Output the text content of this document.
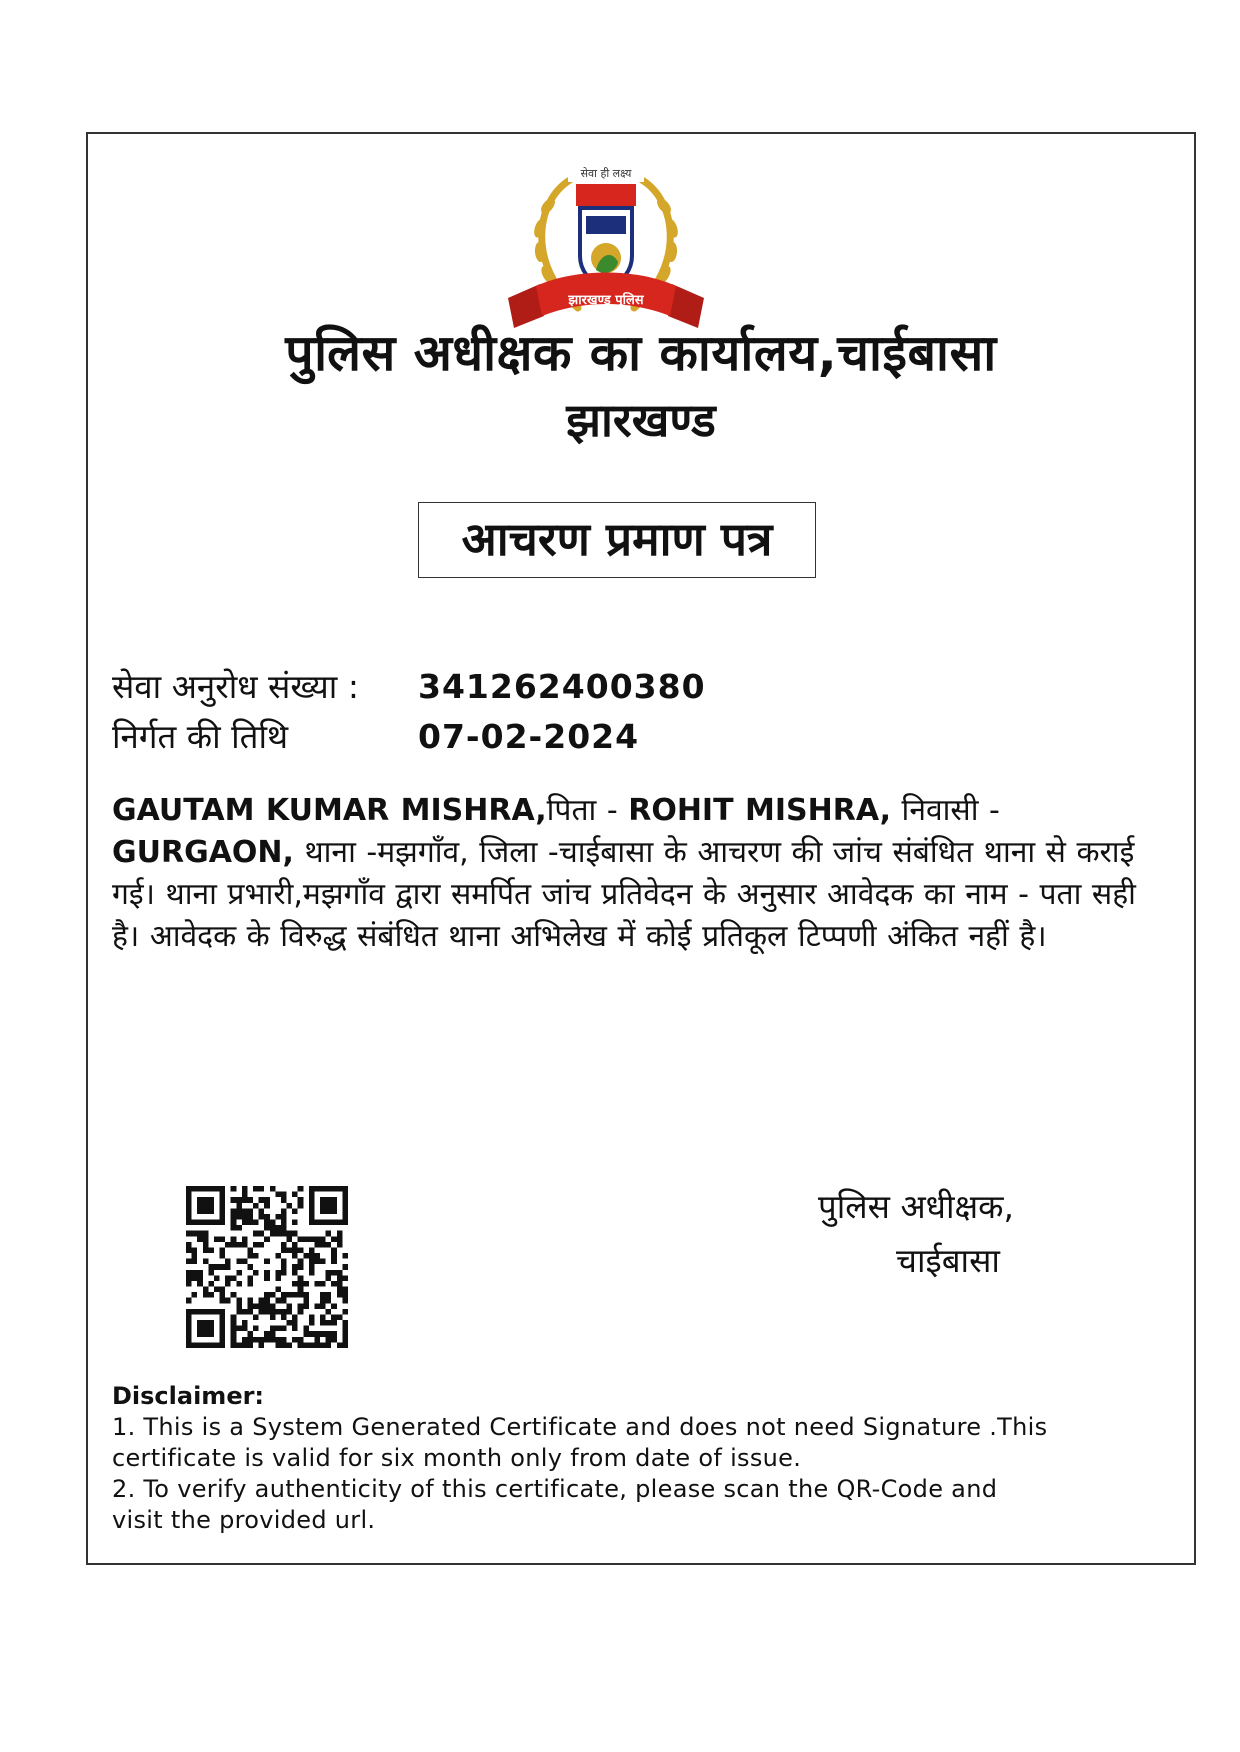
सेवा ही लक्ष्य
झारखण्ड पुलिस
पुलिस अधीक्षक का कार्यालय,चाईबासा
झारखण्ड
आचरण प्रमाण पत्र
सेवा अनुरोध संख्या : 341262400380
निर्गत की तिथि	07-02-2024
GAUTAM KUMAR MISHRA,पिता - ROHIT MISHRA, निवासी - GURGAON, थाना -मझगाँव, जिला -चाईबासा के आचरण की जांच संबंधित थाना से कराई गई। थाना प्रभारी,मझगाँव द्वारा समर्पित जांच प्रतिवेदन के अनुसार आवेदक का नाम - पता सही है। आवेदक के विरुद्ध संबंधित थाना अभिलेख में कोई प्रतिकूल टिप्पणी अंकित नहीं है।
पुलिस अधीक्षक,
चाईबासा
Disclaimer:
1. This is a System Generated Certificate and does not need Signature .This
certificate is valid for six month only from date of issue.
2. To verify authenticity of this certificate, please scan the QR-Code and
visit the provided url.
